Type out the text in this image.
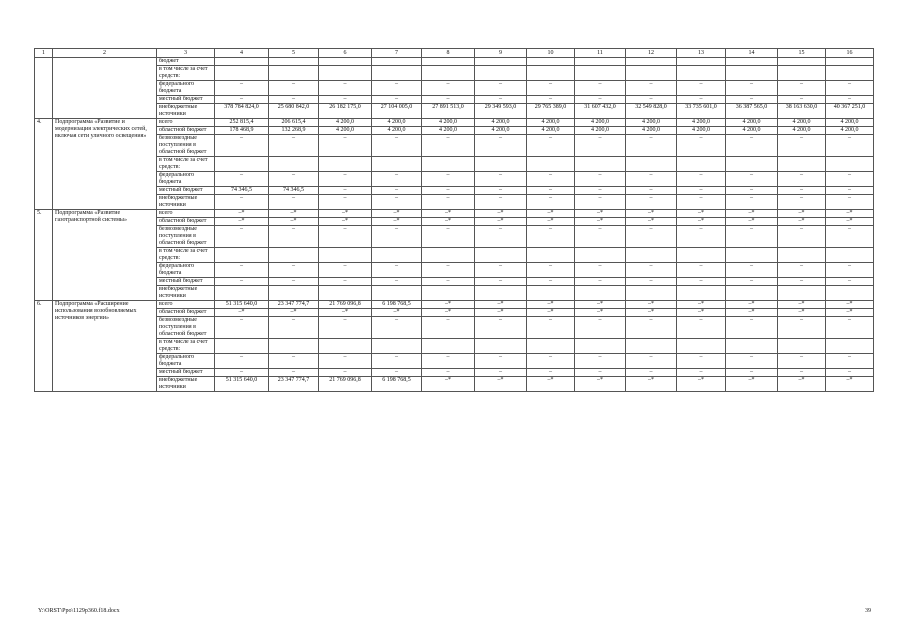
1	2	3	4	5	6	7	8	9	10	11	12	13	14	15	16
		бюджет													
		в том числе за счет средств:													
		федерального бюджета	–	–	–	–	–	–	–	–	–	–	–	–	–
		местный бюджет	–	–	–	–	–	–	–	–	–	–	–	–	–
		внебюджетные источники	378 784 824,0	25 680 842,0	26 182 175,0	27 104 005,0	27 891 513,0	29 349 593,0	29 765 389,0	31 607 432,0	32 549 828,0	33 735 601,0	36 387 565,0	38 163 630,0	40 367 251,0
4.	Подпрограмма «Развитие и модернизация электрических сетей, включая сети уличного освещения»	всего	252 815,4	206 615,4	4 200,0	4 200,0	4 200,0	4 200,0	4 200,0	4 200,0	4 200,0	4 200,0	4 200,0	4 200,0	4 200,0
		областной бюджет	178 468,9	132 268,9	4 200,0	4 200,0	4 200,0	4 200,0	4 200,0	4 200,0	4 200,0	4 200,0	4 200,0	4 200,0	4 200,0
		безвозмездные поступления в областной бюджет	–	–	–	–	–	–	–	–	–	–	–	–	–
		в том числе за счет средств:													
		федерального бюджета	–	–	–	–	–	–	–	–	–	–	–	–	–
		местный бюджет	74 346,5	74 346,5	–	–	–	–	–	–	–	–	–	–	–
		внебюджетные источники	–	–	–	–	–	–	–	–	–	–	–	–	–
5.	Подпрограмма «Развитие газотранспортной системы»	всего	–*	–*	–*	–*	–*	–*	–*	–*	–*	–*	–*	–*	–*
		областной бюджет	–*	–*	–*	–*	–*	–*	–*	–*	–*	–*	–*	–*	–*
		безвозмездные поступления в областной бюджет	–	–	–	–	–	–	–	–	–	–	–	–	–
		в том числе за счет средств:													
		федерального бюджета	–	–	–	–	–	–	–	–	–	–	–	–	–
		местный бюджет	–	–	–	–	–	–	–	–	–	–	–	–	–
		внебюджетные источники													
6.	Подпрограмма «Расширение использования возобновляемых источников энергии»	всего	51 315 640,0	23 347 774,7	21 769 096,8	6 198 768,5	–*	–*	–*	–*	–*	–*	–*	–*	–*
		областной бюджет	–*	–*	–*	–*	–*	–*	–*	–*	–*	–*	–*	–*	–*
		безвозмездные поступления в областной бюджет	–	–	–	–	–	–	–	–	–	–	–	–	–
		в том числе за счет средств:													
		федерального бюджета	–	–	–	–	–	–	–	–	–	–	–	–	–
		местный бюджет	–	–	–	–	–	–	–	–	–	–	–	–	–
		внебюджетные источники	51 315 640,0	23 347 774,7	21 769 096,8	6 198 768,5	–*	–*	–*	–*	–*	–*	–*	–*	–*
Y:\ORST\Ppo\1129p360.f18.docx	39
